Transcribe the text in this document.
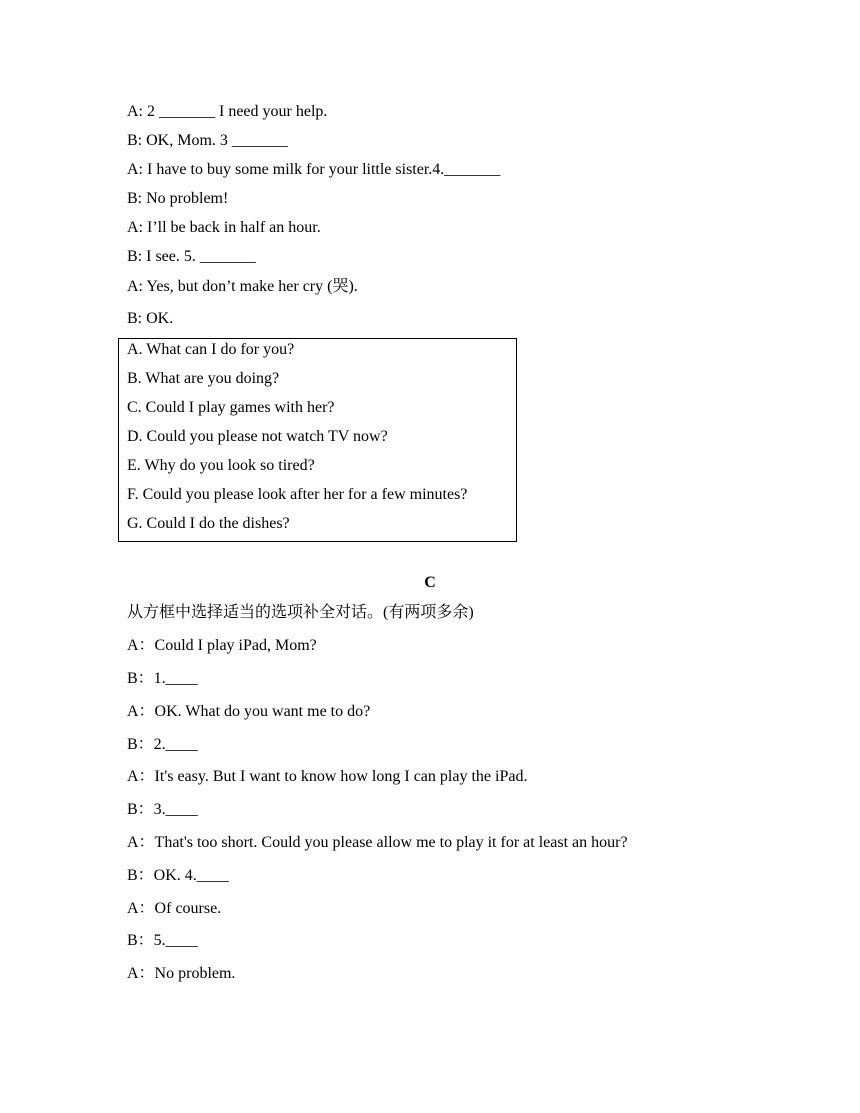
A: 2 _______ I need your help.
B: OK, Mom. 3 _______
A: I have to buy some milk for your little sister.4._______
B: No problem!
A: I’ll be back in half an hour.
B: I see. 5. _______
A: Yes, but don’t make her cry (哭).
B: OK.
A. What can I do for you?
B. What are you doing?
C. Could I play games with her?
D. Could you please not watch TV now?
E. Why do you look so tired?
F. Could you please look after her for a few minutes?
G. Could I do the dishes?
C
从方框中选择适当的选项补全对话。(有两项多余)
A：Could I play iPad, Mom?
B：1.____
A：OK. What do you want me to do?
B：2.____
A：It's easy. But I want to know how long I can play the iPad.
B：3.____
A：That's too short. Could you please allow me to play it for at least an hour?
B：OK. 4.____
A：Of course.
B：5.____
A：No problem.
